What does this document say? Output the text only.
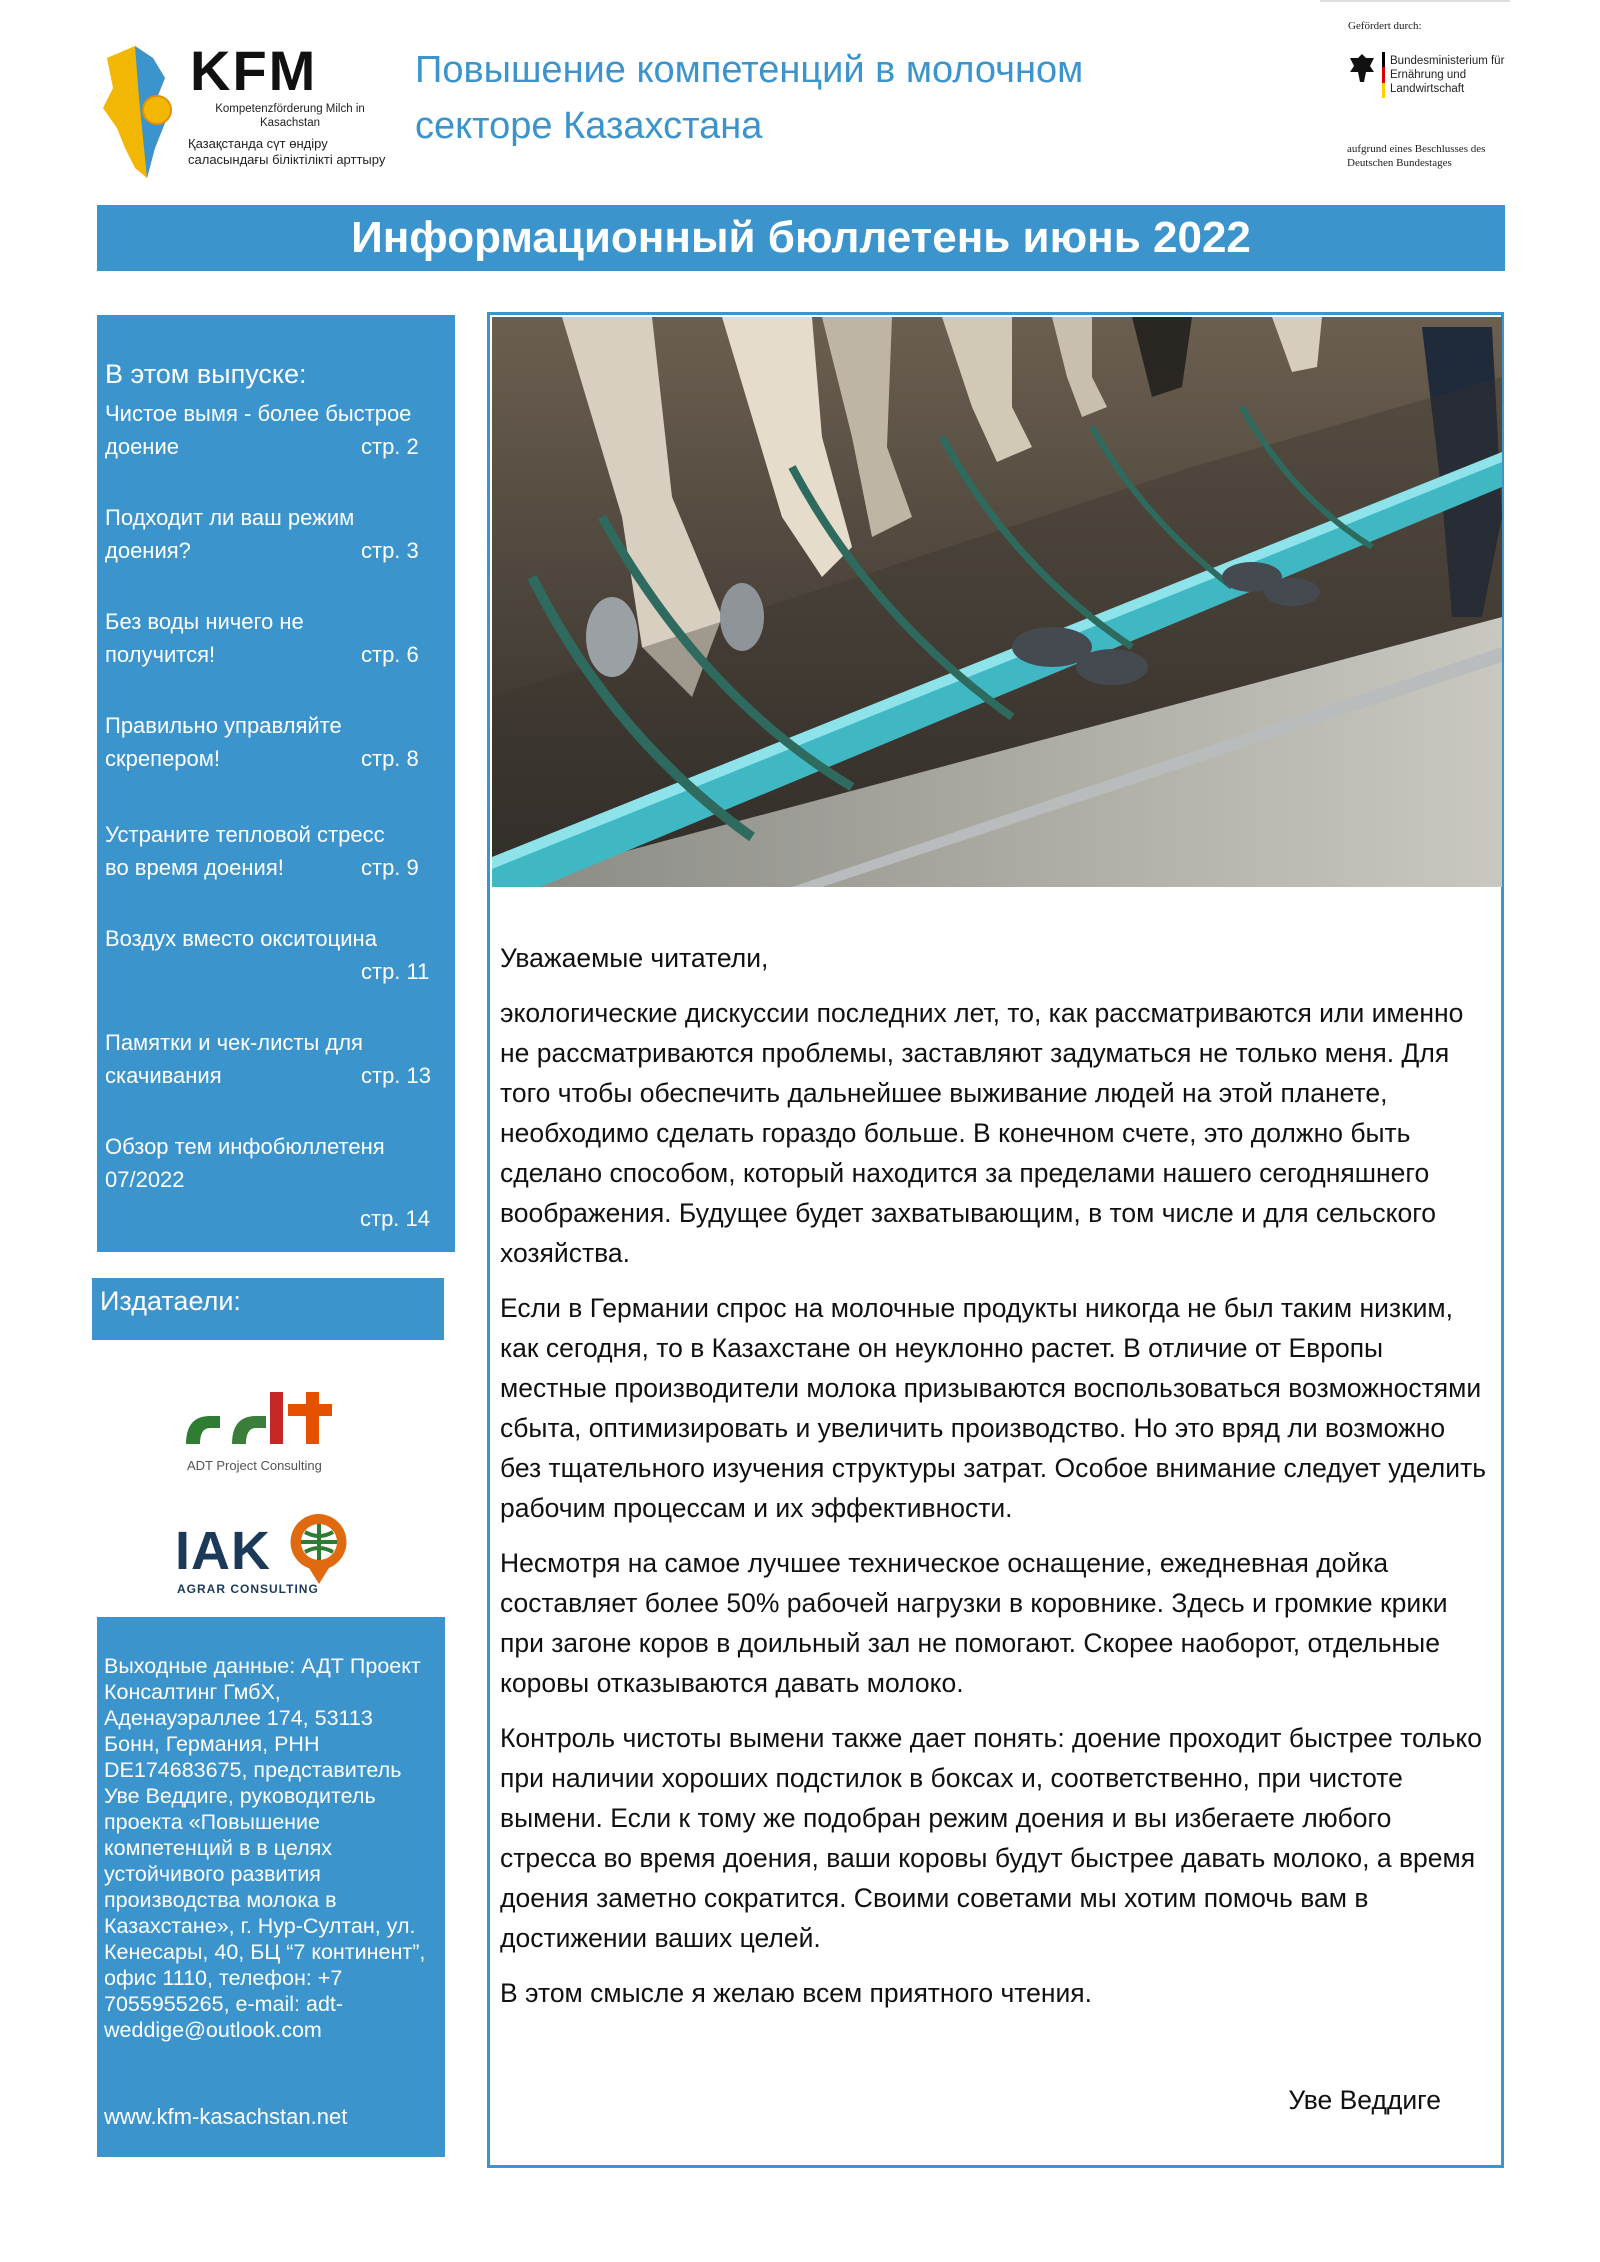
KFM
Kompetenzförderung Milch in Kasachstan
Қазақстанда сүт өндіру саласындағы біліктілікті арттыру
Повышение компетенций в молочном секторе Казахстана
Gefördert durch:
Bundesministerium für Ernährung und Landwirtschaft
aufgrund eines Beschlusses des Deutschen Bundestages
Информационный бюллетень июнь 2022
В этом выпуске:
Чистое вымя - более быстрое
доение	стр. 2
Подходит ли ваш режим
доения?	стр. 3
Без воды ничего не
получится!	стр. 6
Правильно управляйте
скрепером!	стр. 8
Устраните тепловой стресс
во время доения!	стр. 9
Воздух вместо окситоцина
стр. 11
Памятки и чек-листы для
скачивания	стр. 13
Обзор тем инфобюллетеня
07/2022
стр. 14
Издатаели:
ADT Project Consulting
IAK
AGRAR CONSULTING
Выходные данные: АДТ Проект Консалтинг ГмбХ, Аденауэраллее 174, 53113 Бонн, Германия, РНН DE174683675, представитель Уве Веддиге, руководитель проекта «Повышение компетенций в в целях устойчивого развития производства молока в Казахстане», г. Нур-Султан, ул. Кенесары, 40, БЦ “7 континент”, офис 1110, телефон: +7 7055955265, e-mail: adt-weddige@outlook.com
www.kfm-kasachstan.net

Уважаемые читатели,

экологические дискуссии последних лет, то, как рассматриваются или именно не рассматриваются проблемы, заставляют задуматься не только меня. Для того чтобы обеспечить дальнейшее выживание людей на этой планете, необходимо сделать гораздо больше. В конечном счете, это должно быть сделано способом, который находится за пределами нашего сегодняшнего воображения. Будущее будет захватывающим, в том числе и для сельского хозяйства.

Если в Германии спрос на молочные продукты никогда не был таким низким, как сегодня, то в Казахстане он неуклонно растет. В отличие от Европы местные производители молока призываются воспользоваться возможностями сбыта, оптимизировать и увеличить производство. Но это вряд ли возможно без тщательного изучения структуры затрат. Особое внимание следует уделить рабочим процессам и их эффективности.

Несмотря на самое лучшее техническое оснащение, ежедневная дойка составляет более 50% рабочей нагрузки в коровнике. Здесь и громкие крики при загоне коров в доильный зал не помогают. Скорее наоборот, отдельные коровы отказываются давать молоко.

Контроль чистоты вымени также дает понять: доение проходит быстрее только при наличии хороших подстилок в боксах и, соответственно, при чистоте вымени. Если к тому же подобран режим доения и вы избегаете любого стресса во время доения, ваши коровы будут быстрее давать молоко, а время доения заметно сократится. Своими советами мы хотим помочь вам в достижении ваших целей.

В этом смысле я желаю всем приятного чтения.

Уве Веддиге
